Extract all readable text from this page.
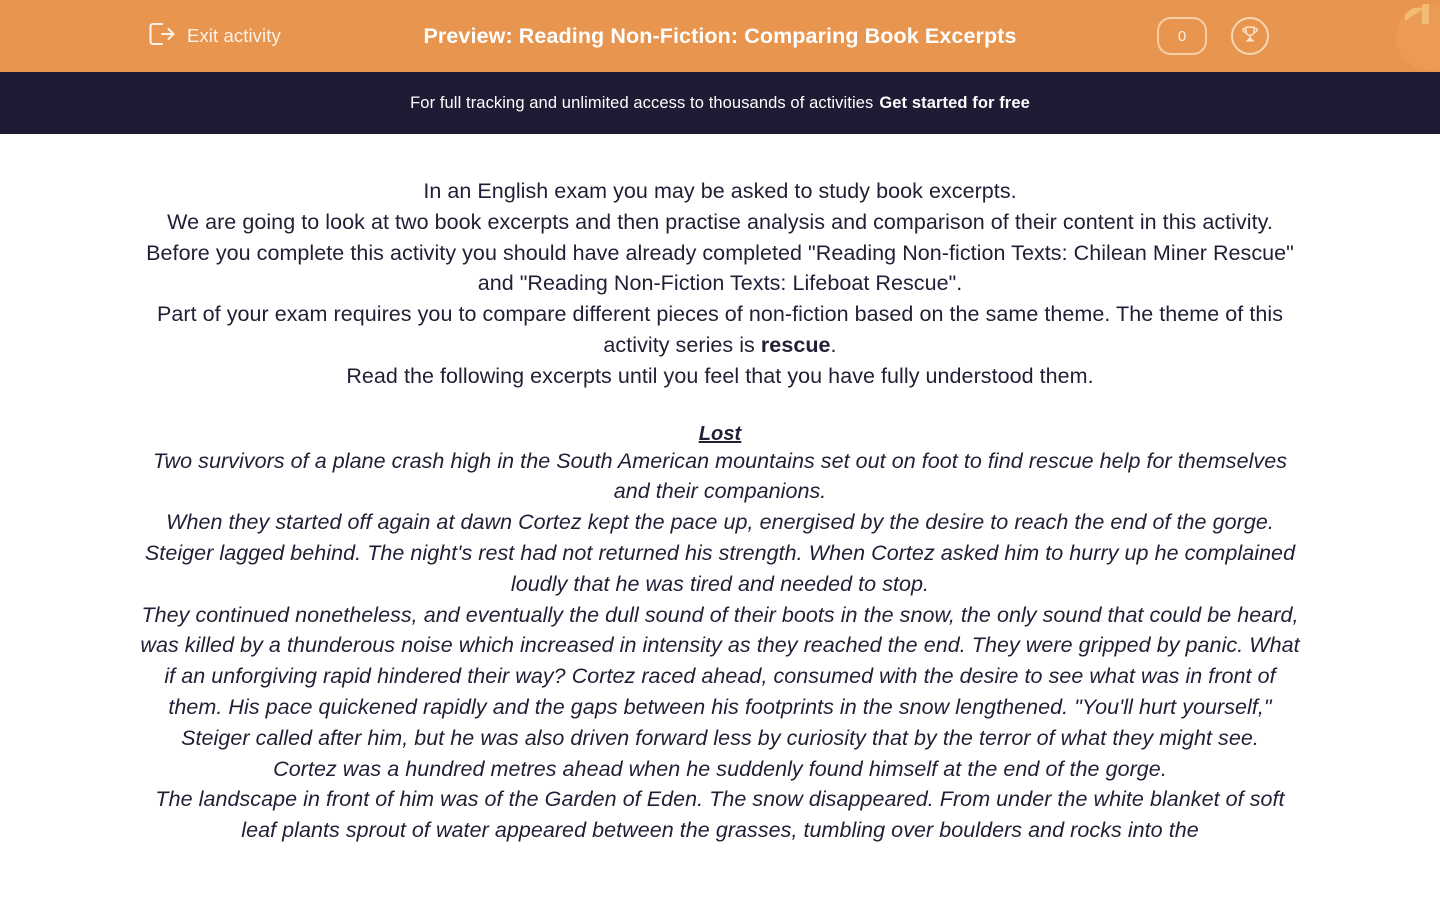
Exit activity	Preview: Reading Non-Fiction: Comparing Book Excerpts	0
For full tracking and unlimited access to thousands of activities Get started for free

In an English exam you may be asked to study book excerpts.

We are going to look at two book excerpts and then practise analysis and comparison of their content in this activity.

Before you complete this activity you should have already completed "Reading Non-fiction Texts: Chilean Miner Rescue" and "Reading Non-Fiction Texts: Lifeboat Rescue".

Part of your exam requires you to compare different pieces of non-fiction based on the same theme. The theme of this activity series is rescue.

Read the following excerpts until you feel that you have fully understood them.

Lost

Two survivors of a plane crash high in the South American mountains set out on foot to find rescue help for themselves and their companions.

When they started off again at dawn Cortez kept the pace up, energised by the desire to reach the end of the gorge. Steiger lagged behind. The night's rest had not returned his strength. When Cortez asked him to hurry up he complained loudly that he was tired and needed to stop.

They continued nonetheless, and eventually the dull sound of their boots in the snow, the only sound that could be heard, was killed by a thunderous noise which increased in intensity as they reached the end. They were gripped by panic. What if an unforgiving rapid hindered their way? Cortez raced ahead, consumed with the desire to see what was in front of them. His pace quickened rapidly and the gaps between his footprints in the snow lengthened. "You'll hurt yourself," Steiger called after him, but he was also driven forward less by curiosity that by the terror of what they might see.

Cortez was a hundred metres ahead when he suddenly found himself at the end of the gorge.

The landscape in front of him was of the Garden of Eden. The snow disappeared. From under the white blanket of soft leaf plants sprout of water appeared between the grasses, tumbling over boulders and rocks into the
